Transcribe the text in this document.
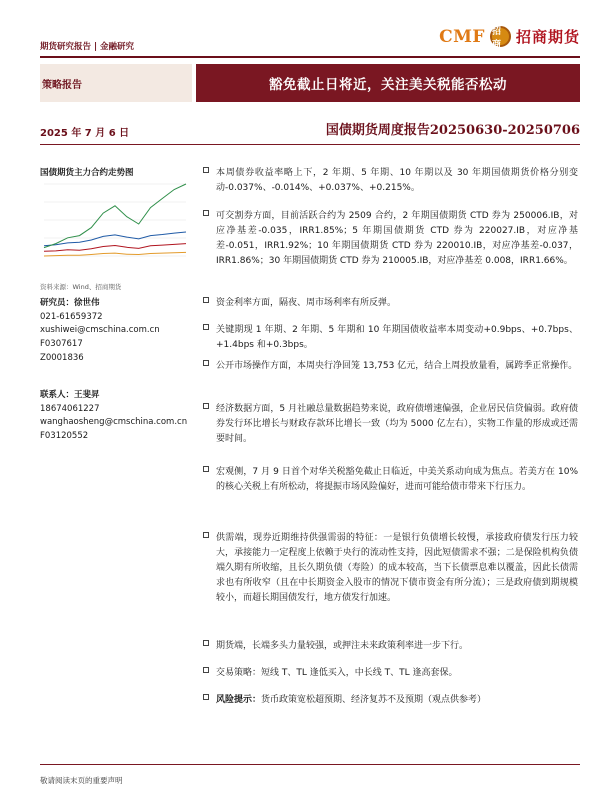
期货研究报告 | 金融研究
CMF 招商 招商期货
策略报告	豁免截止日将近，关注美关税能否松动
2025 年 7 月 6 日	国债期货周度报告20250630-20250706
国债期货主力合约走势图
资料来源：Wind、招商期货
研究员：徐世伟
021-61659372
xushiwei@cmschina.com.cn
F0307617
Z0001836
联系人：王斐昇
18674061227
wanghaosheng@cmschina.com.cn
F03120552
本周债券收益率略上下，2 年期、5 年期、10 年期以及 30 年期国债期货价格分别变动-0.037%、-0.014%、+0.037%、+0.215%。
可交割券方面，目前活跃合约为 2509 合约，2 年期国债期货 CTD 券为 250006.IB，对应净基差-0.035，IRR1.85%；5 年期国债期货 CTD 券为 220027.IB，对应净基差-0.051，IRR1.92%；10 年期国债期货 CTD 券为 220010.IB，对应净基差-0.037，IRR1.86%；30 年期国债期货 CTD 券为 210005.IB，对应净基差 0.008，IRR1.66%。
资金利率方面，隔夜、周市场利率有所反弹。
关键期现 1 年期、2 年期、5 年期和 10 年期国债收益率本周变动+0.9bps、+0.7bps、+1.4bps 和+0.3bps。
公开市场操作方面，本周央行净回笼 13,753 亿元，结合上周投放量看，属跨季正常操作。
经济数据方面，5 月社融总量数据趋势来说，政府债增速偏强，企业居民信贷偏弱。政府债券发行环比增长与财政存款环比增长一致（均为 5000 亿左右），实物工作量的形成或还需要时间。
宏观侧，7 月 9 日首个对华关税豁免截止日临近，中美关系动向成为焦点。若美方在 10%的核心关税上有所松动，将提振市场风险偏好，进而可能给债市带来下行压力。
供需端，现券近期维持供强需弱的特征：一是银行负债增长较慢，承接政府债发行压力较大，承接能力一定程度上依赖于央行的流动性支持，因此短债需求不强；二是保险机构负债端久期有所收缩，且长久期负债（寿险）的成本较高，当下长债票息难以覆盖，因此长债需求也有所收窄（且在中长期资金入股市的情况下债市资金有所分流）；三是政府债到期规模较小，而超长期国债发行，地方债发行加速。
期货端，长端多头力量较强，或押注未来政策利率进一步下行。
交易策略：短线 T、TL 逢低买入，中长线 T、TL 逢高套保。
风险提示：货币政策宽松超预期、经济复苏不及预期（观点供参考）
敬请阅读末页的重要声明
